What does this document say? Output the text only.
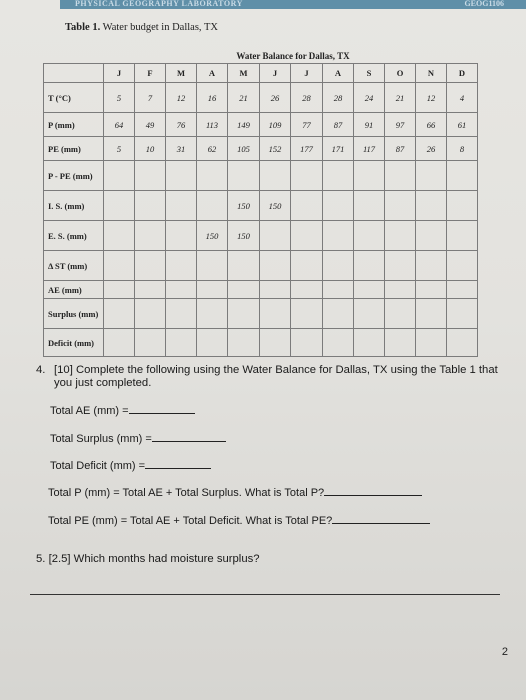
PHYSICAL GEOGRAPHY LABORATORY	GEOG1106
Table 1. Water budget in Dallas, TX
Water Balance for Dallas, TX
	J	F	M	A	M	J	J	A	S	O	N	D
T (°C)	5	7	12	16	21	26	28	28	24	21	12	4
P (mm)	64	49	76	113	149	109	77	87	91	97	66	61
PE (mm)	5	10	31	62	105	152	177	171	117	87	26	8
P - PE (mm)												
I. S. (mm)					150	150						
E. S. (mm)				150	150							
Δ ST (mm)												
AE (mm)												
Surplus (mm)												
Deficit (mm)												
4. [10] Complete the following using the Water Balance for Dallas, TX using the Table 1 that you just completed.
Total AE (mm) =
Total Surplus (mm) =
Total Deficit (mm) =
Total P (mm) = Total AE + Total Surplus. What is Total P?
Total PE (mm) = Total AE + Total Deficit. What is Total PE?
5. [2.5] Which months had moisture surplus?
2
